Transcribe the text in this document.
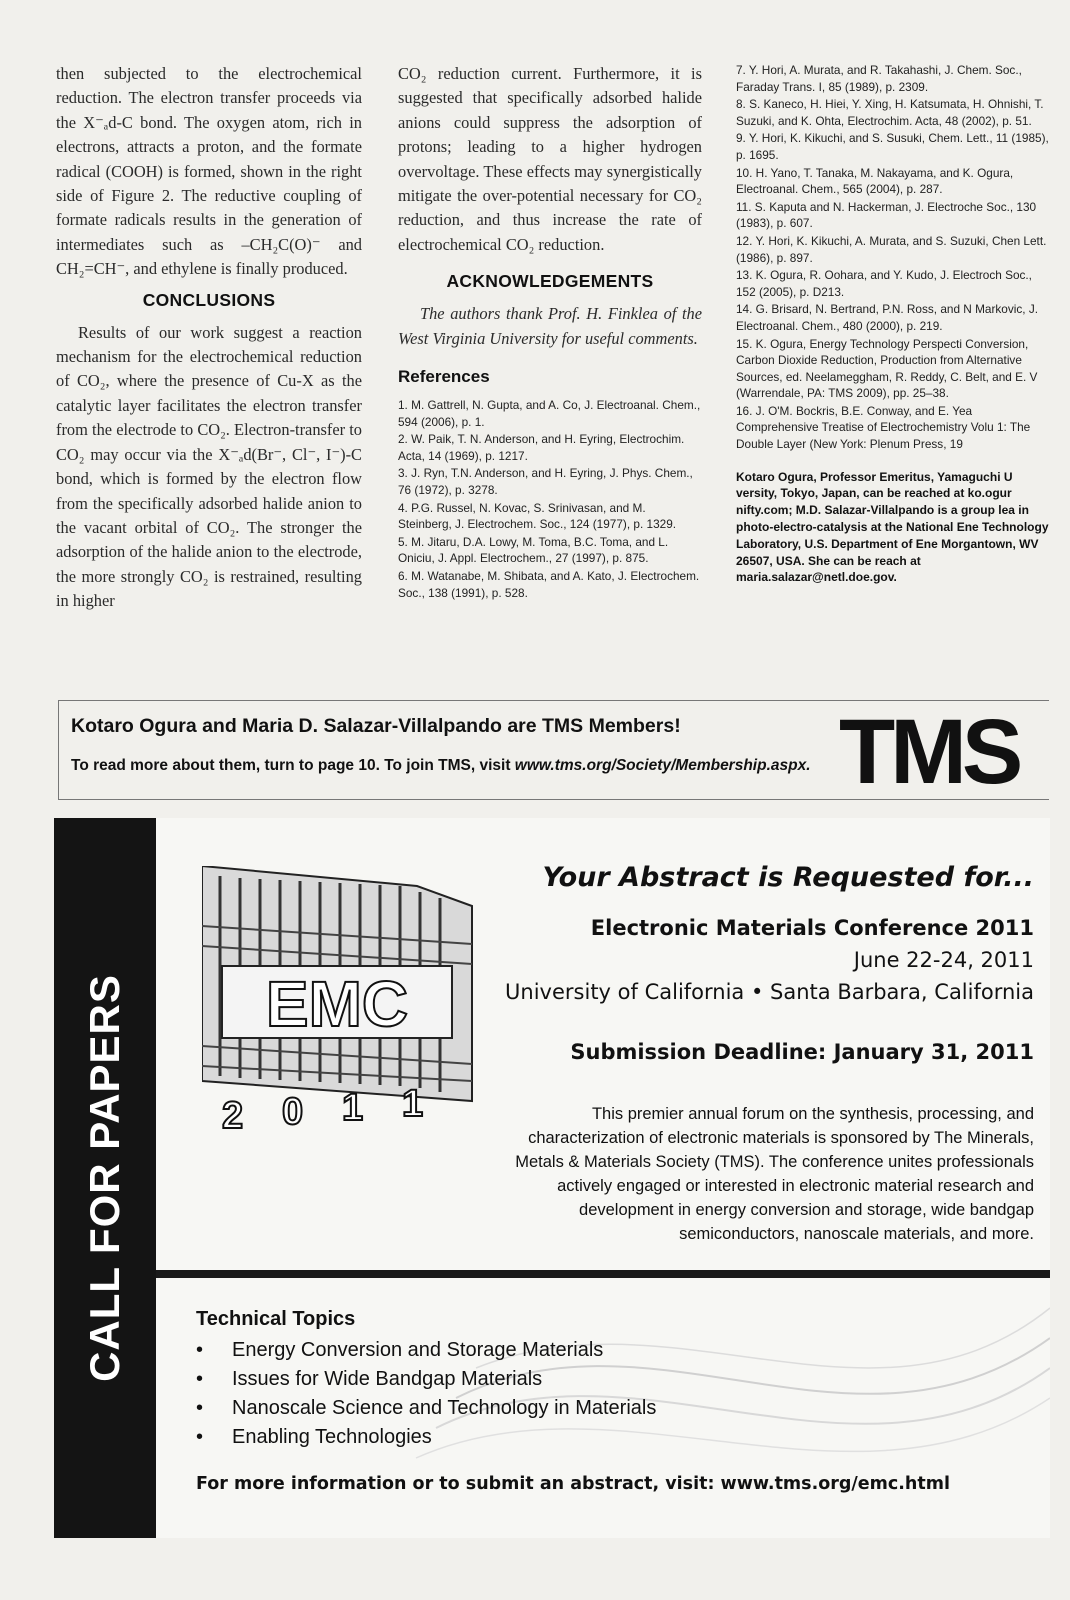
then subjected to the electrochemical reduction. The electron transfer proceeds via the X⁻ₐd-C bond. The oxygen atom, rich in electrons, attracts a proton, and the formate radical (COOH) is formed, shown in the right side of Figure 2. The reductive coupling of formate radicals results in the generation of intermediates such as –CH₂C(O)⁻ and CH₂=CH⁻, and ethylene is finally produced.

CONCLUSIONS

Results of our work suggest a reaction mechanism for the electrochemical reduction of CO₂, where the presence of Cu-X as the catalytic layer facilitates the electron transfer from the electrode to CO₂. Electron-transfer to CO₂ may occur via the X⁻ₐd(Br⁻, Cl⁻, I⁻)-C bond, which is formed by the electron flow from the specifically adsorbed halide anion to the vacant orbital of CO₂. The stronger the adsorption of the halide anion to the electrode, the more strongly CO₂ is restrained, resulting in higher

CO₂ reduction current. Furthermore, it is suggested that specifically adsorbed halide anions could suppress the adsorption of protons; leading to a higher hydrogen overvoltage. These effects may synergistically mitigate the over-potential necessary for CO₂ reduction, and thus increase the rate of electrochemical CO₂ reduction.

ACKNOWLEDGEMENTS

The authors thank Prof. H. Finklea of the West Virginia University for useful comments.

References

1. M. Gattrell, N. Gupta, and A. Co, J. Electroanal. Chem., 594 (2006), p. 1.

2. W. Paik, T. N. Anderson, and H. Eyring, Electrochim. Acta, 14 (1969), p. 1217.

3. J. Ryn, T.N. Anderson, and H. Eyring, J. Phys. Chem., 76 (1972), p. 3278.

4. P.G. Russel, N. Kovac, S. Srinivasan, and M. Steinberg, J. Electrochem. Soc., 124 (1977), p. 1329.

5. M. Jitaru, D.A. Lowy, M. Toma, B.C. Toma, and L. Oniciu, J. Appl. Electrochem., 27 (1997), p. 875.

6. M. Watanabe, M. Shibata, and A. Kato, J. Electrochem. Soc., 138 (1991), p. 528.

7. Y. Hori, A. Murata, and R. Takahashi, J. Chem. Soc., Faraday Trans. I, 85 (1989), p. 2309.

8. S. Kaneco, H. Hiei, Y. Xing, H. Katsumata, H. Ohnishi, T. Suzuki, and K. Ohta, Electrochim. Acta, 48 (2002), p. 51.

9. Y. Hori, K. Kikuchi, and S. Susuki, Chem. Lett., 11 (1985), p. 1695.

10. H. Yano, T. Tanaka, M. Nakayama, and K. Ogura, Electroanal. Chem., 565 (2004), p. 287.

11. S. Kaputa and N. Hackerman, J. Electroche Soc., 130 (1983), p. 607.

12. Y. Hori, K. Kikuchi, A. Murata, and S. Suzuki, Chen Lett. (1986), p. 897.

13. K. Ogura, R. Oohara, and Y. Kudo, J. Electroch Soc., 152 (2005), p. D213.

14. G. Brisard, N. Bertrand, P.N. Ross, and N Markovic, J. Electroanal. Chem., 480 (2000), p. 219.

15. K. Ogura, Energy Technology Perspecti Conversion, Carbon Dioxide Reduction, Production from Alternative Sources, ed. Neelameggham, R. Reddy, C. Belt, and E. V (Warrendale, PA: TMS 2009), pp. 25–38.

16. J. O'M. Bockris, B.E. Conway, and E. Yea Comprehensive Treatise of Electrochemistry Volu 1: The Double Layer (New York: Plenum Press, 19

Kotaro Ogura, Professor Emeritus, Yamaguchi U versity, Tokyo, Japan, can be reached at ko.ogur nifty.com; M.D. Salazar-Villalpando is a group lea in photo-electro-catalysis at the National Ene Technology Laboratory, U.S. Department of Ene Morgantown, WV 26507, USA. She can be reach at maria.salazar@netl.doe.gov.

Kotaro Ogura and Maria D. Salazar-Villalpando are TMS Members!
To read more about them, turn to page 10. To join TMS, visit www.tms.org/Society/Membership.aspx. TMS
CALL FOR PAPERS EMC
2 0 1 1
Your Abstract is Requested for...
Electronic Materials Conference 2011
June 22-24, 2011
University of California • Santa Barbara, California
Submission Deadline: January 31, 2011
This premier annual forum on the synthesis, processing, and characterization of electronic materials is sponsored by The Minerals, Metals & Materials Society (TMS). The conference unites professionals actively engaged or interested in electronic material research and development in energy conversion and storage, wide bandgap semiconductors, nanoscale materials, and more.
Technical Topics
• Energy Conversion and Storage Materials
• Issues for Wide Bandgap Materials
• Nanoscale Science and Technology in Materials
• Enabling Technologies
For more information or to submit an abstract, visit: www.tms.org/emc.html
